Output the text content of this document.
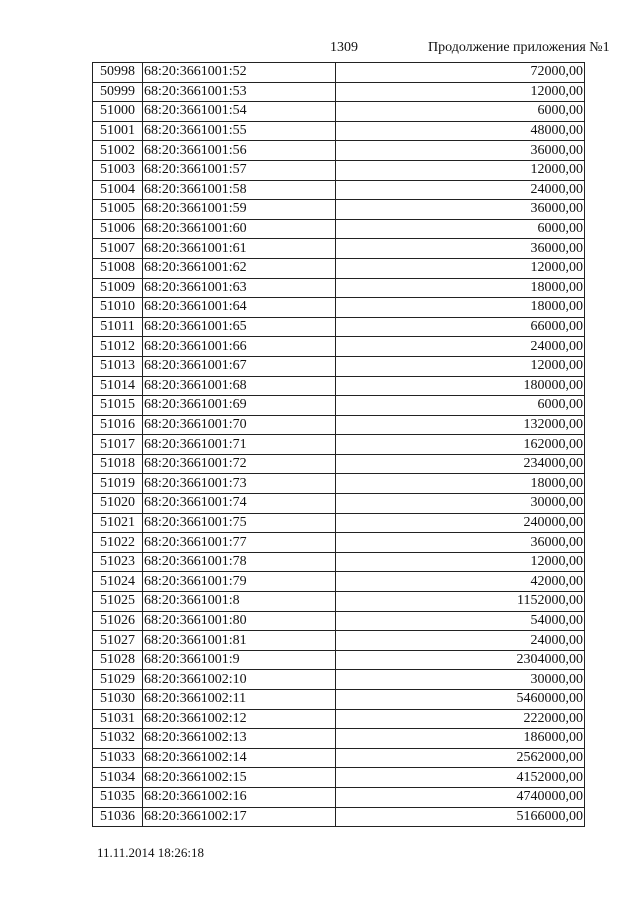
1309	Продолжение приложения №1
50998	68:20:3661001:52	72000,00
50999	68:20:3661001:53	12000,00
51000	68:20:3661001:54	6000,00
51001	68:20:3661001:55	48000,00
51002	68:20:3661001:56	36000,00
51003	68:20:3661001:57	12000,00
51004	68:20:3661001:58	24000,00
51005	68:20:3661001:59	36000,00
51006	68:20:3661001:60	6000,00
51007	68:20:3661001:61	36000,00
51008	68:20:3661001:62	12000,00
51009	68:20:3661001:63	18000,00
51010	68:20:3661001:64	18000,00
51011	68:20:3661001:65	66000,00
51012	68:20:3661001:66	24000,00
51013	68:20:3661001:67	12000,00
51014	68:20:3661001:68	180000,00
51015	68:20:3661001:69	6000,00
51016	68:20:3661001:70	132000,00
51017	68:20:3661001:71	162000,00
51018	68:20:3661001:72	234000,00
51019	68:20:3661001:73	18000,00
51020	68:20:3661001:74	30000,00
51021	68:20:3661001:75	240000,00
51022	68:20:3661001:77	36000,00
51023	68:20:3661001:78	12000,00
51024	68:20:3661001:79	42000,00
51025	68:20:3661001:8	1152000,00
51026	68:20:3661001:80	54000,00
51027	68:20:3661001:81	24000,00
51028	68:20:3661001:9	2304000,00
51029	68:20:3661002:10	30000,00
51030	68:20:3661002:11	5460000,00
51031	68:20:3661002:12	222000,00
51032	68:20:3661002:13	186000,00
51033	68:20:3661002:14	2562000,00
51034	68:20:3661002:15	4152000,00
51035	68:20:3661002:16	4740000,00
51036	68:20:3661002:17	5166000,00
11.11.2014 18:26:18
